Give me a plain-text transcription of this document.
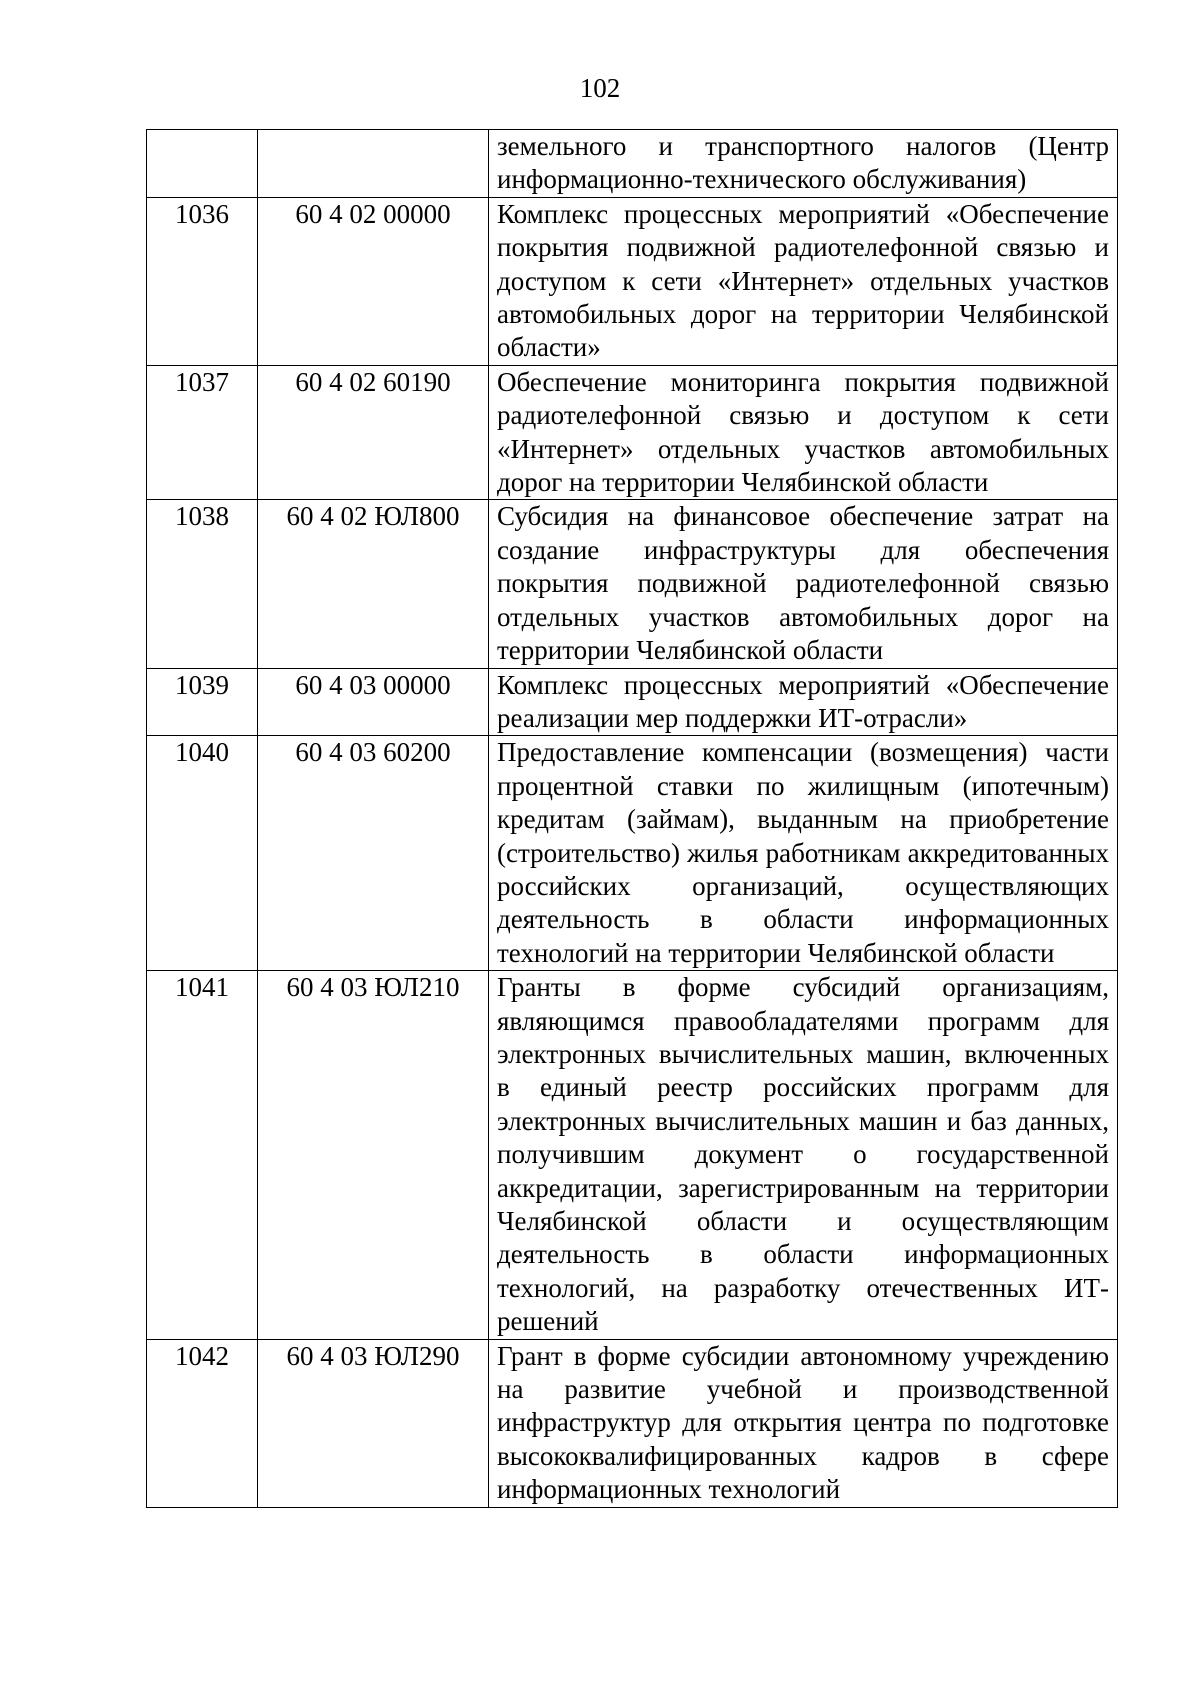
102
		земельного и транспортного налогов (Центр информационно-технического обслуживания)
1036	60 4 02 00000	Комплекс процессных мероприятий «Обеспечение покрытия подвижной радиотелефонной связью и доступом к сети «Интернет» отдельных участков автомобильных дорог на территории Челябинской области»
1037	60 4 02 60190	Обеспечение мониторинга покрытия подвижной радиотелефонной связью и доступом к сети «Интернет» отдельных участков автомобильных дорог на территории Челябинской области
1038	60 4 02 ЮЛ800	Субсидия на финансовое обеспечение затрат на создание инфраструктуры для обеспечения покрытия подвижной радиотелефонной связью отдельных участков автомобильных дорог на территории Челябинской области
1039	60 4 03 00000	Комплекс процессных мероприятий «Обеспечение реализации мер поддержки ИТ-отрасли»
1040	60 4 03 60200	Предоставление компенсации (возмещения) части процентной ставки по жилищным (ипотечным) кредитам (займам), выданным на приобретение (строительство) жилья работникам аккредитованных российских организаций, осуществляющих деятельность в области информационных технологий на территории Челябинской области
1041	60 4 03 ЮЛ210	Гранты в форме субсидий организациям, являющимся правообладателями программ для электронных вычислительных машин, включенных в единый реестр российских программ для электронных вычислительных машин и баз данных, получившим документ о государственной аккредитации, зарегистрированным на территории Челябинской области и осуществляющим деятельность в области информационных технологий, на разработку отечественных ИТ-решений
1042	60 4 03 ЮЛ290	Грант в форме субсидии автономному учреждению на развитие учебной и производственной инфраструктур для открытия центра по подготовке высококвалифицированных кадров в сфере информационных технологий
